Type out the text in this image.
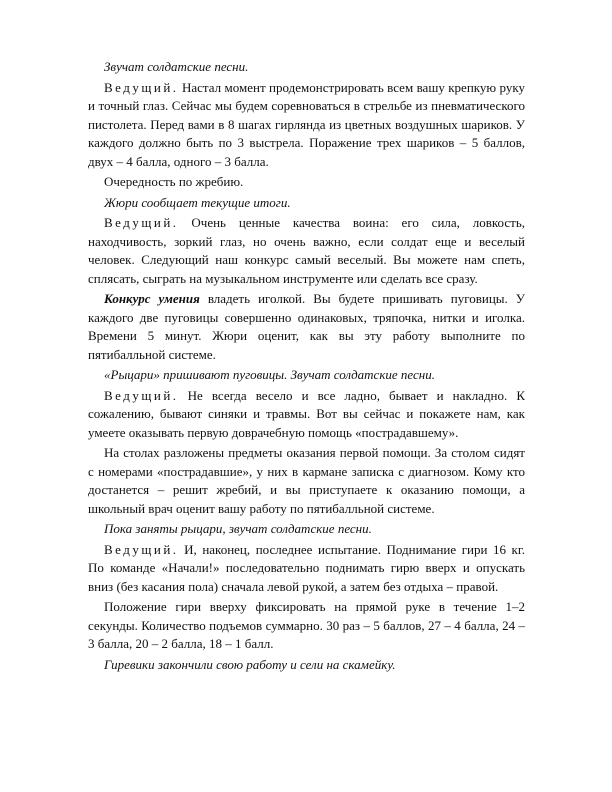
Звучат солдатские песни.

Ведущий. Настал момент продемонстрировать всем вашу крепкую руку и точный глаз. Сейчас мы будем соревноваться в стрельбе из пневматического пистолета. Перед вами в 8 шагах гирлянда из цветных воздушных шариков. У каждого должно быть по 3 выстрела. Поражение трех шариков – 5 баллов, двух – 4 балла, одного – 3 балла.

Очередность по жребию.

Жюри сообщает текущие итоги.

Ведущий. Очень ценные качества воина: его сила, ловкость, находчивость, зоркий глаз, но очень важно, если солдат еще и веселый человек. Следующий наш конкурс самый веселый. Вы можете нам спеть, сплясать, сыграть на музыкальном инструменте или сделать все сразу.

Конкурс умения владеть иголкой. Вы будете пришивать пуговицы. У каждого две пуговицы совершенно одинаковых, тряпочка, нитки и иголка. Времени 5 минут. Жюри оценит, как вы эту работу выполните по пятибалльной системе.

«Рыцари» пришивают пуговицы. Звучат солдатские песни.

Ведущий. Не всегда весело и все ладно, бывает и накладно. К сожалению, бывают синяки и травмы. Вот вы сейчас и покажете нам, как умеете оказывать первую доврачебную помощь «пострадавшему».

На столах разложены предметы оказания первой помощи. За столом сидят с номерами «пострадавшие», у них в кармане записка с диагнозом. Кому кто достанется – решит жребий, и вы приступаете к оказанию помощи, а школьный врач оценит вашу работу по пятибалльной системе.

Пока заняты рыцари, звучат солдатские песни.

Ведущий. И, наконец, последнее испытание. Поднимание гири 16 кг. По команде «Начали!» последовательно поднимать гирю вверх и опускать вниз (без касания пола) сначала левой рукой, а затем без отдыха – правой.

Положение гири вверху фиксировать на прямой руке в течение 1–2 секунды. Количество подъемов суммарно. 30 раз – 5 баллов, 27 – 4 балла, 24 – 3 балла, 20 – 2 балла, 18 – 1 балл.

Гиревики закончили свою работу и сели на скамейку.
